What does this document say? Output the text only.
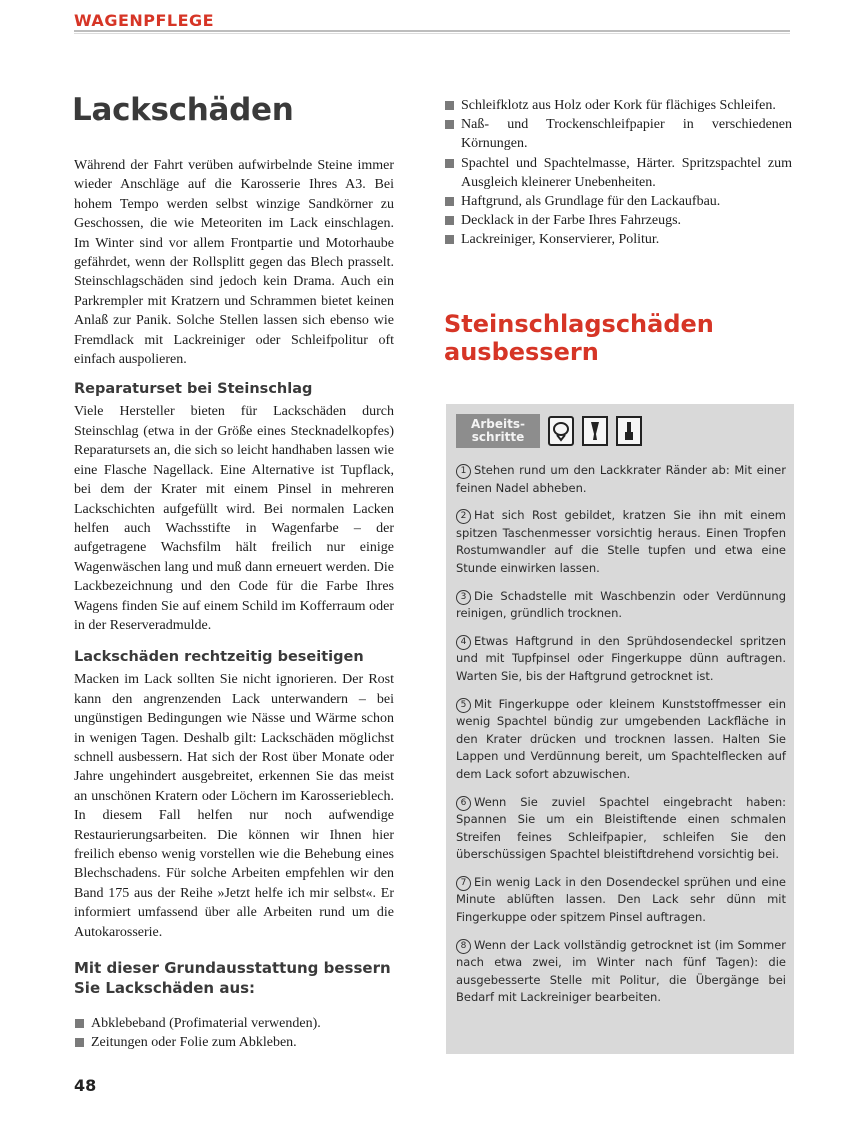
WAGENPFLEGE
Lackschäden

Während der Fahrt verüben aufwirbelnde Steine immer wieder Anschläge auf die Karosserie Ihres A3. Bei hohem Tempo werden selbst winzige Sandkörner zu Geschossen, die wie Meteoriten im Lack einschlagen. Im Winter sind vor allem Frontpartie und Motorhaube gefährdet, wenn der Rollsplitt gegen das Blech prasselt. Steinschlagschäden sind jedoch kein Drama. Auch ein Parkrempler mit Kratzern und Schrammen bietet keinen Anlaß zur Panik. Solche Stellen lassen sich ebenso wie Fremdlack mit Lackreiniger oder Schleifpolitur oft einfach auspolieren.

Reparaturset bei Steinschlag

Viele Hersteller bieten für Lackschäden durch Steinschlag (etwa in der Größe eines Stecknadelkopfes) Reparatursets an, die sich so leicht handhaben lassen wie eine Flasche Nagellack. Eine Alternative ist Tupflack, bei dem der Krater mit einem Pinsel in mehreren Lackschichten aufgefüllt wird. Bei normalen Lacken helfen auch Wachsstifte in Wagenfarbe – der aufgetragene Wachsfilm hält freilich nur einige Wagenwäschen lang und muß dann erneuert werden. Die Lackbezeichnung und den Code für die Farbe Ihres Wagens finden Sie auf einem Schild im Kofferraum oder in der Reserveradmulde.

Lackschäden rechtzeitig beseitigen

Macken im Lack sollten Sie nicht ignorieren. Der Rost kann den angrenzenden Lack unterwandern – bei ungünstigen Bedingungen wie Nässe und Wärme schon in wenigen Tagen. Deshalb gilt: Lackschäden möglichst schnell ausbessern. Hat sich der Rost über Monate oder Jahre ungehindert ausgebreitet, erkennen Sie das meist an unschönen Kratern oder Löchern im Karosserieblech. In diesem Fall helfen nur noch aufwendige Restaurierungsarbeiten. Die können wir Ihnen hier freilich ebenso wenig vorstellen wie die Behebung eines Blechschadens. Für solche Arbeiten empfehlen wir den Band 175 aus der Reihe »Jetzt helfe ich mir selbst«. Er informiert umfassend über alle Arbeiten rund um die Autokarosserie.

Mit dieser Grundausstattung bessern Sie Lackschäden aus:
Abklebeband (Profimaterial verwenden).
Zeitungen oder Folie zum Abkleben.
Schleifklotz aus Holz oder Kork für flächiges Schleifen.
Naß- und Trockenschleifpapier in verschiedenen Körnungen.
Spachtel und Spachtelmasse, Härter. Spritzspachtel zum Ausgleich kleinerer Unebenheiten.
Haftgrund, als Grundlage für den Lackaufbau.
Decklack in der Farbe Ihres Fahrzeugs.
Lackreiniger, Konservierer, Politur.
Steinschlagschäden
ausbessern
Arbeits-schritte
1 Stehen rund um den Lackkrater Ränder ab: Mit einer feinen Nadel abheben.
2 Hat sich Rost gebildet, kratzen Sie ihn mit einem spitzen Taschenmesser vorsichtig heraus. Einen Tropfen Rostumwandler auf die Stelle tupfen und etwa eine Stunde einwirken lassen.
3 Die Schadstelle mit Waschbenzin oder Verdünnung reinigen, gründlich trocknen.
4 Etwas Haftgrund in den Sprühdosendeckel spritzen und mit Tupfpinsel oder Fingerkuppe dünn auftragen. Warten Sie, bis der Haftgrund getrocknet ist.
5 Mit Fingerkuppe oder kleinem Kunststoffmesser ein wenig Spachtel bündig zur umgebenden Lackfläche in den Krater drücken und trocknen lassen. Halten Sie Lappen und Verdünnung bereit, um Spachtelflecken auf dem Lack sofort abzuwischen.
6 Wenn Sie zuviel Spachtel eingebracht haben: Spannen Sie um ein Bleistiftende einen schmalen Streifen feines Schleifpapier, schleifen Sie den überschüssigen Spachtel bleistiftdrehend vorsichtig bei.
7 Ein wenig Lack in den Dosendeckel sprühen und eine Minute ablüften lassen. Den Lack sehr dünn mit Fingerkuppe oder spitzem Pinsel auftragen.
8 Wenn der Lack vollständig getrocknet ist (im Sommer nach etwa zwei, im Winter nach fünf Tagen): die ausgebesserte Stelle mit Politur, die Übergänge bei Bedarf mit Lackreiniger bearbeiten.
48
